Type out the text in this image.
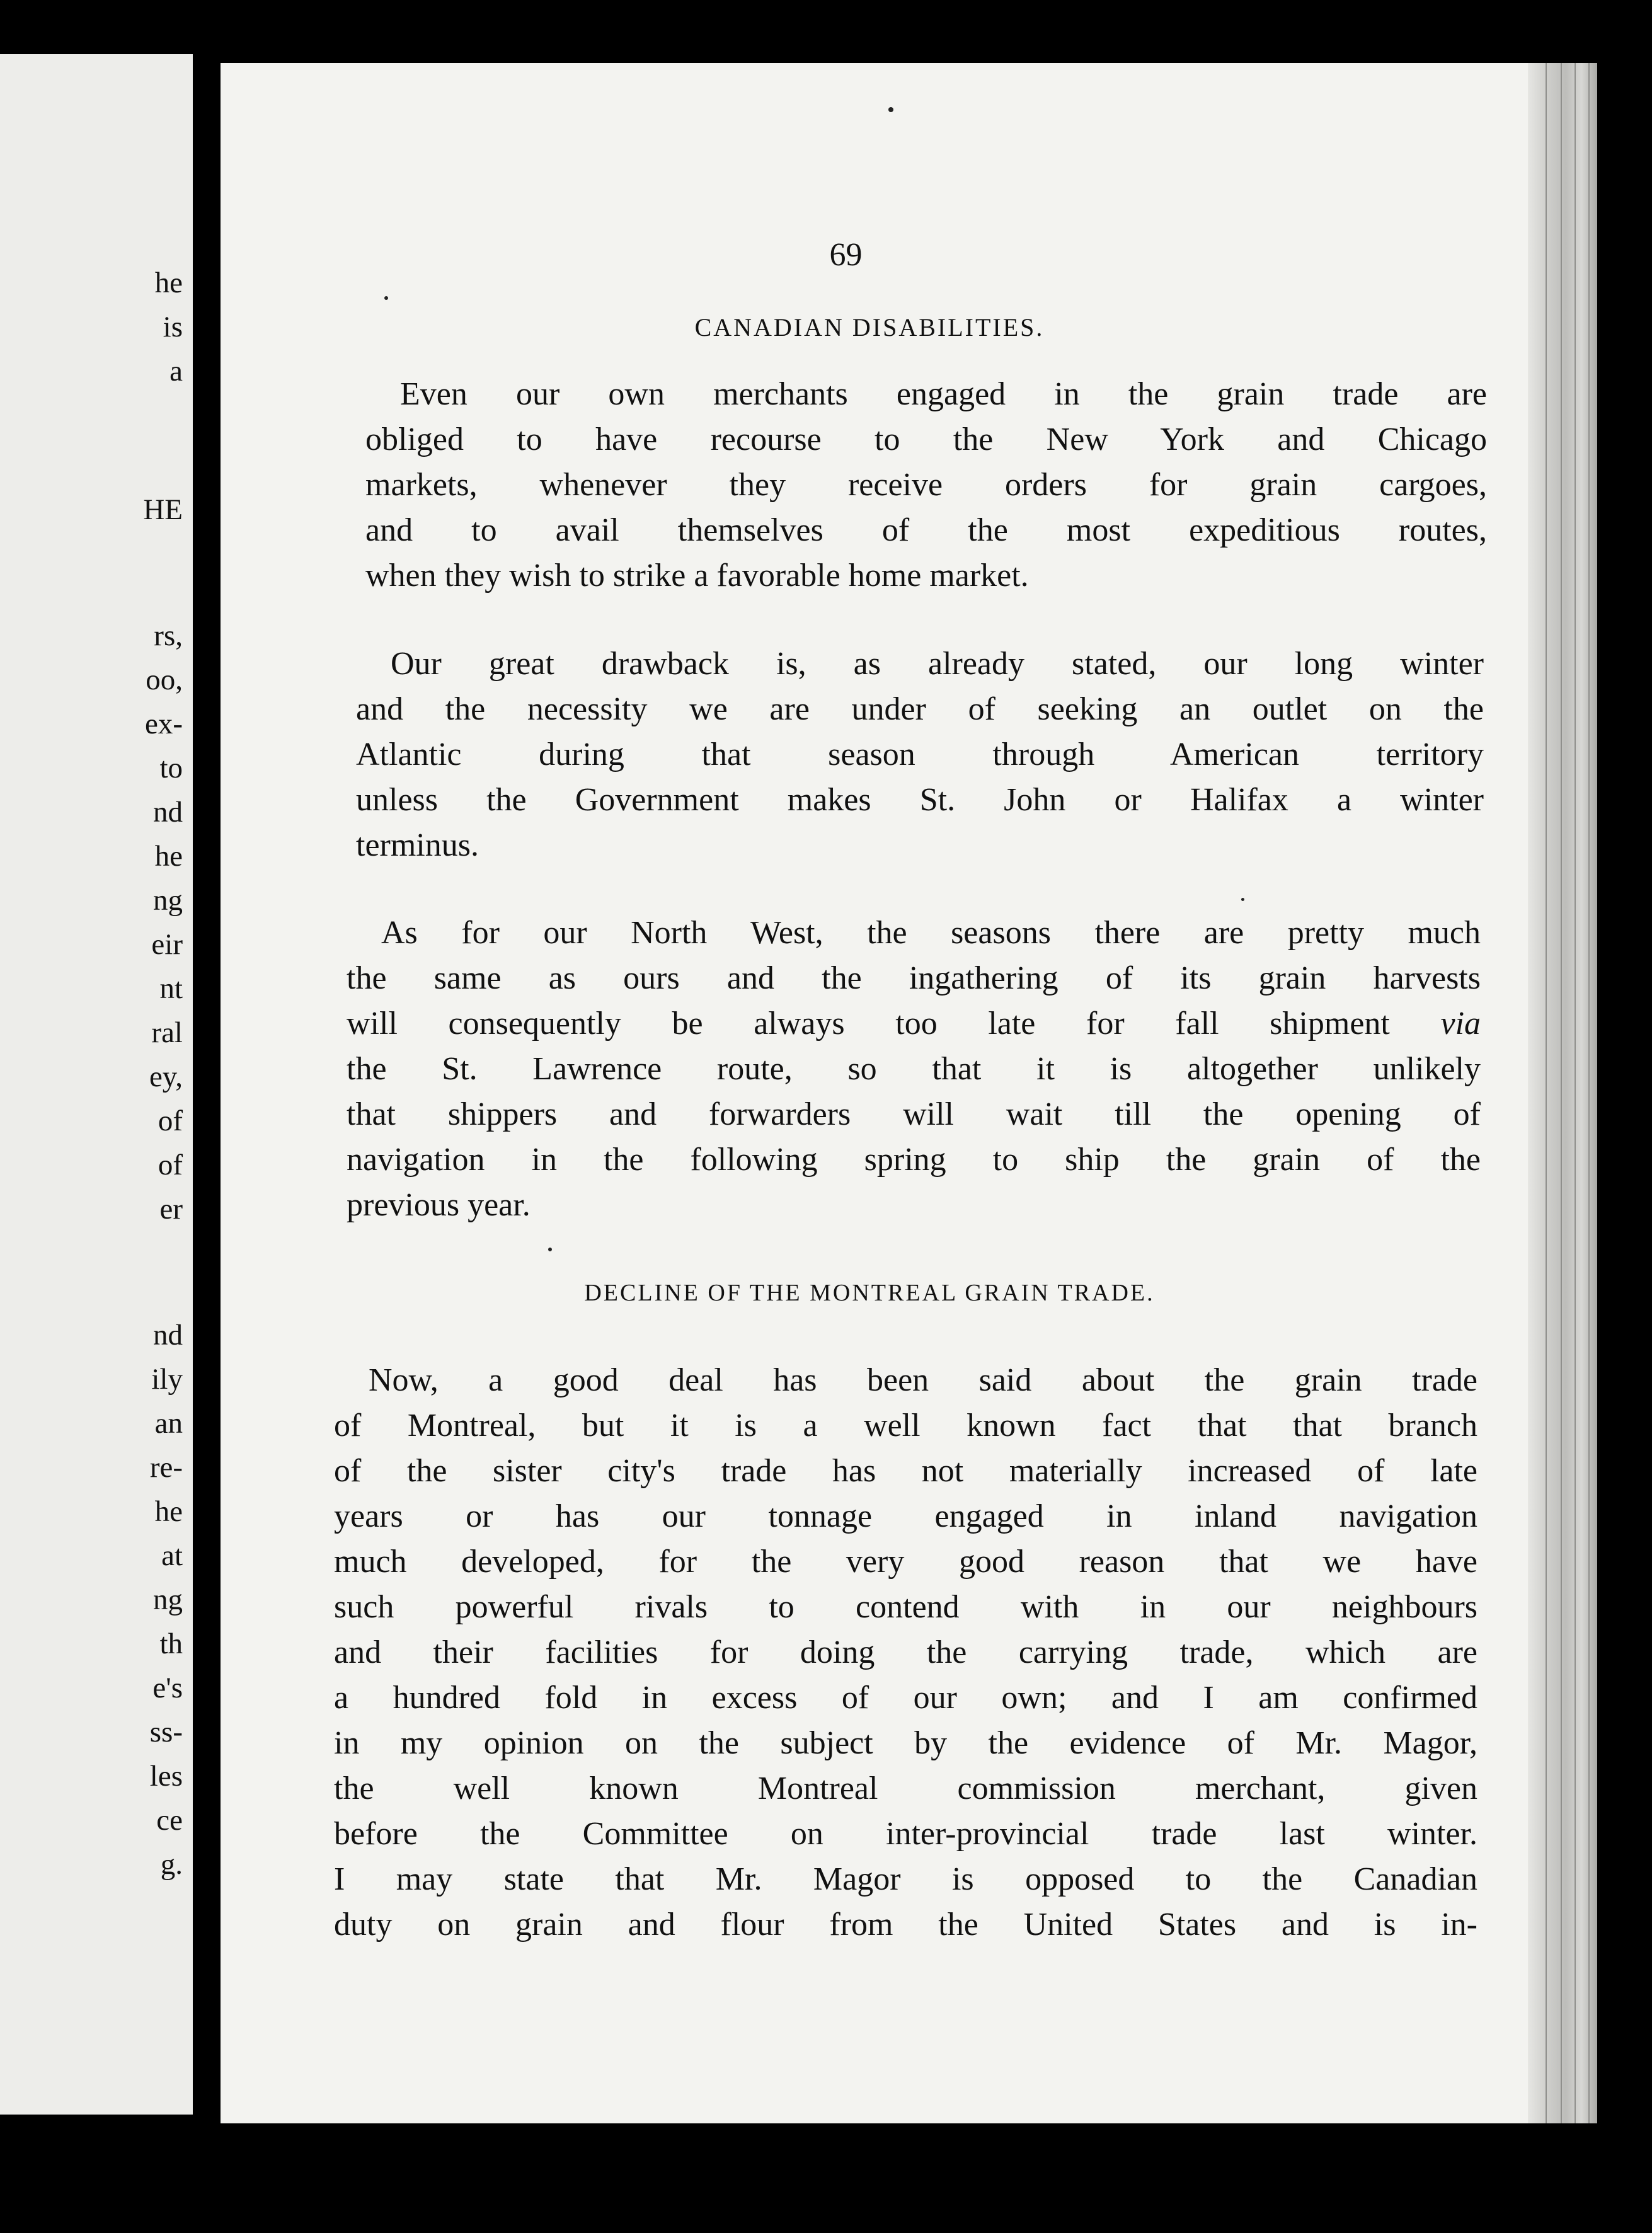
he
is
a
HE
rs,
oo,
ex-
to
nd
he
ng
eir
nt
ral
ey,
of
of
er
nd
ily
an
re-
he
at
ng
th
e's
ss-
les
ce
g.
69
CANADIAN DISABILITIES.
Even our own merchants engaged in the grain trade are
obliged to have recourse to the New York and Chicago
markets, whenever they receive orders for grain cargoes,
and to avail themselves of the most expeditious routes,
when they wish to strike a favorable home market.
Our great drawback is, as already stated, our long winter
and the necessity we are under of seeking an outlet on the
Atlantic during that season through American territory
unless the Government makes St. John or Halifax a winter
terminus.
As for our North West, the seasons there are pretty much
the same as ours and the ingathering of its grain harvests
will consequently be always too late for fall shipment via
the St. Lawrence route, so that it is altogether unlikely
that shippers and forwarders will wait till the opening of
navigation in the following spring to ship the grain of the
previous year.
DECLINE OF THE MONTREAL GRAIN TRADE.
Now, a good deal has been said about the grain trade
of Montreal, but it is a well known fact that that branch
of the sister city's trade has not materially increased of late
years or has our tonnage engaged in inland navigation
much developed, for the very good reason that we have
such powerful rivals to contend with in our neighbours
and their facilities for doing the carrying trade, which are
a hundred fold in excess of our own; and I am confirmed
in my opinion on the subject by the evidence of Mr. Magor,
the well known Montreal commission merchant, given
before the Committee on inter-provincial trade last winter.
I may state that Mr. Magor is opposed to the Canadian
duty on grain and flour from the United States and is in-
